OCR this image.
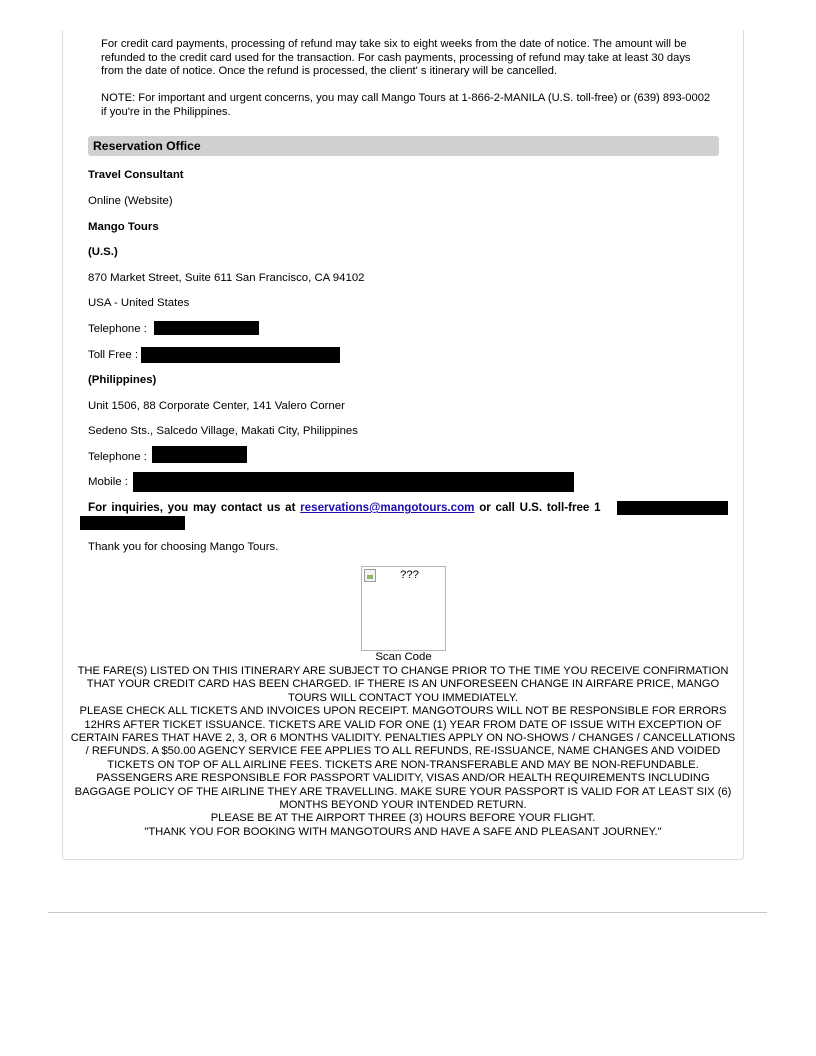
For credit card payments, processing of refund may take six to eight weeks from the date of notice. The amount will be refunded to the credit card used for the transaction. For cash payments, processing of refund may take at least 30 days from the date of notice. Once the refund is processed, the client' s itinerary will be cancelled.

NOTE: For important and urgent concerns, you may call Mango Tours at 1-866-2-MANILA (U.S. toll-free) or (639) 893-0002 if you're in the Philippines.

Reservation Office
Travel Consultant
Online (Website)
Mango Tours
(U.S.)
870 Market Street, Suite 611 San Francisco, CA 94102
USA - United States
Telephone :
Toll Free :
(Philippines)
Unit 1506, 88 Corporate Center, 141 Valero Corner
Sedeno Sts., Salcedo Village, Makati City, Philippines
Telephone :
Mobile :
For inquiries, you may contact us at reservations@mangotours.com or call U.S. toll-free 1
Thank you for choosing Mango Tours.
???
Scan Code

THE FARE(S) LISTED ON THIS ITINERARY ARE SUBJECT TO CHANGE PRIOR TO THE TIME YOU RECEIVE CONFIRMATION THAT YOUR CREDIT CARD HAS BEEN CHARGED. IF THERE IS AN UNFORESEEN CHANGE IN AIRFARE PRICE, MANGO TOURS WILL CONTACT YOU IMMEDIATELY.

PLEASE CHECK ALL TICKETS AND INVOICES UPON RECEIPT. MANGOTOURS WILL NOT BE RESPONSIBLE FOR ERRORS 12HRS AFTER TICKET ISSUANCE. TICKETS ARE VALID FOR ONE (1) YEAR FROM DATE OF ISSUE WITH EXCEPTION OF CERTAIN FARES THAT HAVE 2, 3, OR 6 MONTHS VALIDITY. PENALTIES APPLY ON NO-SHOWS / CHANGES / CANCELLATIONS / REFUNDS. A $50.00 AGENCY SERVICE FEE APPLIES TO ALL REFUNDS, RE-ISSUANCE, NAME CHANGES AND VOIDED TICKETS ON TOP OF ALL AIRLINE FEES. TICKETS ARE NON-TRANSFERABLE AND MAY BE NON-REFUNDABLE. PASSENGERS ARE RESPONSIBLE FOR PASSPORT VALIDITY, VISAS AND/OR HEALTH REQUIREMENTS INCLUDING BAGGAGE POLICY OF THE AIRLINE THEY ARE TRAVELLING. MAKE SURE YOUR PASSPORT IS VALID FOR AT LEAST SIX (6) MONTHS BEYOND YOUR INTENDED RETURN.

PLEASE BE AT THE AIRPORT THREE (3) HOURS BEFORE YOUR FLIGHT.

"THANK YOU FOR BOOKING WITH MANGOTOURS AND HAVE A SAFE AND PLEASANT JOURNEY."
